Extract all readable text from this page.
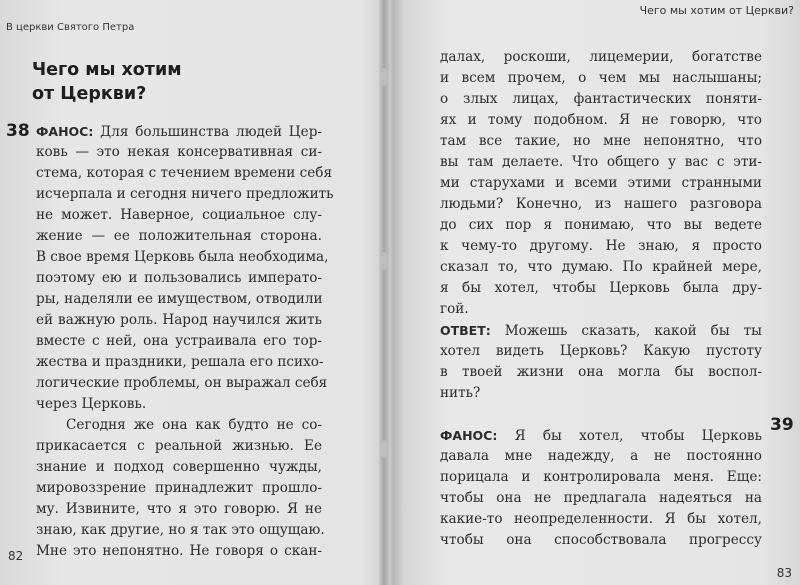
В церкви Святого Петра
Чего мы хотим
от Церкви?
38 ФАНОС: Для большинства людей Цер-
ковь — это некая консервативная си-
стема, которая с течением времени себя
исчерпала и сегодня ничего предложить
не может. Наверное, социальное слу-
жение — ее положительная сторона.
В свое время Церковь была необходима,
поэтому ею и пользовались императо-
ры, наделяли ее имуществом, отводили
ей важную роль. Народ научился жить
вместе с ней, она устраивала его тор-
жества и праздники, решала его психо-
логические проблемы, он выражал себя
через Церковь.
Сегодня же она как будто не со-
прикасается с реальной жизнью. Ее
знание и подход совершенно чужды,
мировоззрение принадлежит прошло-
му. Извините, что я это говорю. Я не
знаю, как другие, но я так это ощущаю.
Мне это непонятно. Не говоря о скан-
82
Чего мы хотим от Церкви?
39
далах, роскоши, лицемерии, богатстве
и всем прочем, о чем мы наслышаны;
о злых лицах, фантастических поняти-
ях и тому подобном. Я не говорю, что
там все такие, но мне непонятно, что
вы там делаете. Что общего у вас с эти-
ми старухами и всеми этими странными
людьми? Конечно, из нашего разговора
до сих пор я понимаю, что вы ведете
к чему-то другому. Не знаю, я просто
сказал то, что думаю. По крайней мере,
я бы хотел, чтобы Церковь была дру-
гой.
ОТВЕТ: Можешь сказать, какой бы ты
хотел видеть Церковь? Какую пустоту
в твоей жизни она могла бы воспол-
нить?
ФАНОС: Я бы хотел, чтобы Церковь
давала мне надежду, а не постоянно
порицала и контролировала меня. Еще:
чтобы она не предлагала надеяться на
какие-то неопределенности. Я бы хотел,
чтобы она способствовала прогрессу
83
